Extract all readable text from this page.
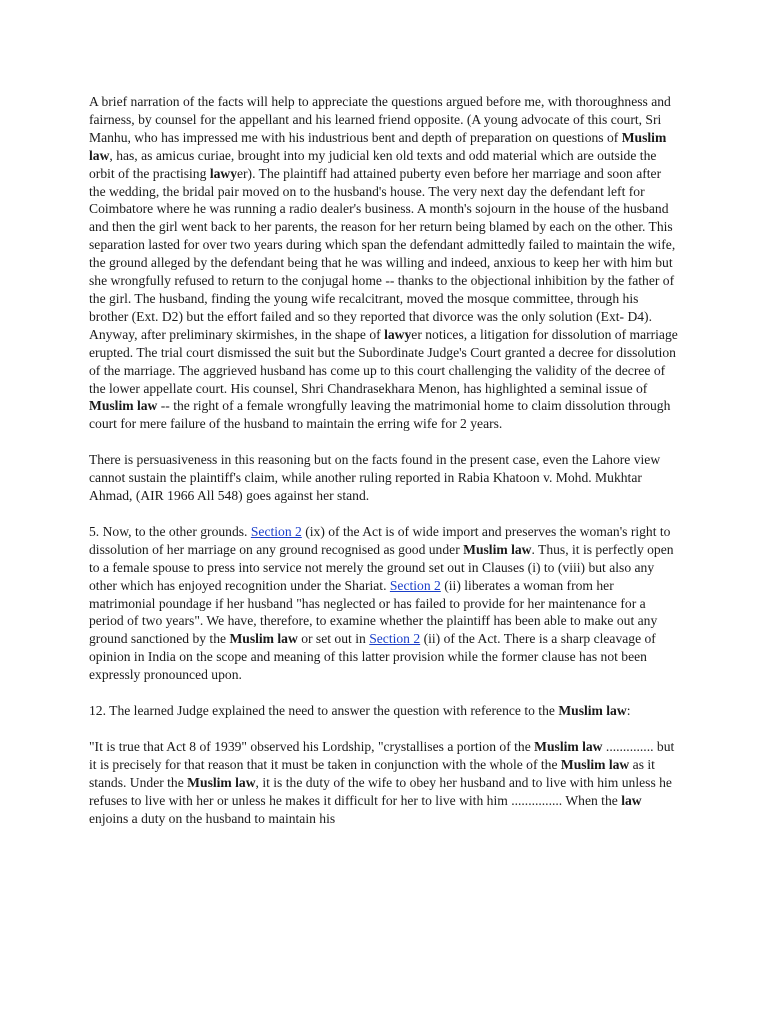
A brief narration of the facts will help to appreciate the questions argued before me, with thoroughness and fairness, by counsel for the appellant and his learned friend opposite. (A young advocate of this court, Sri Manhu, who has impressed me with his industrious bent and depth of preparation on questions of Muslim law, has, as amicus curiae, brought into my judicial ken old texts and odd material which are outside the orbit of the practising lawyer). The plaintiff had attained puberty even before her marriage and soon after the wedding, the bridal pair moved on to the husband's house. The very next day the defendant left for Coimbatore where he was running a radio dealer's business. A month's sojourn in the house of the husband and then the girl went back to her parents, the reason for her return being blamed by each on the other. This separation lasted for over two years during which span the defendant admittedly failed to maintain the wife, the ground alleged by the defendant being that he was willing and indeed, anxious to keep her with him but she wrongfully refused to return to the conjugal home -- thanks to the objectional inhibition by the father of the girl. The husband, finding the young wife recalcitrant, moved the mosque committee, through his brother (Ext. D2) but the effort failed and so they reported that divorce was the only solution (Ext- D4). Anyway, after preliminary skirmishes, in the shape of lawyer notices, a litigation for dissolution of marriage erupted. The trial court dismissed the suit but the Subordinate Judge's Court granted a decree for dissolution of the marriage. The aggrieved husband has come up to this court challenging the validity of the decree of the lower appellate court. His counsel, Shri Chandrasekhara Menon, has highlighted a seminal issue of Muslim law -- the right of a female wrongfully leaving the matrimonial home to claim dissolution through court for mere failure of the husband to maintain the erring wife for 2 years.

There is persuasiveness in this reasoning but on the facts found in the present case, even the Lahore view cannot sustain the plaintiff's claim, while another ruling reported in Rabia Khatoon v. Mohd. Mukhtar Ahmad, (AIR 1966 All 548) goes against her stand.

5. Now, to the other grounds. Section 2 (ix) of the Act is of wide import and preserves the woman's right to dissolution of her marriage on any ground recognised as good under Muslim law. Thus, it is perfectly open to a female spouse to press into service not merely the ground set out in Clauses (i) to (viii) but also any other which has enjoyed recognition under the Shariat. Section 2 (ii) liberates a woman from her matrimonial poundage if her husband "has neglected or has failed to provide for her maintenance for a period of two years". We have, therefore, to examine whether the plaintiff has been able to make out any ground sanctioned by the Muslim law or set out in Section 2 (ii) of the Act. There is a sharp cleavage of opinion in India on the scope and meaning of this latter provision while the former clause has not been expressly pronounced upon.

12. The learned Judge explained the need to answer the question with reference to the Muslim law:

"It is true that Act 8 of 1939" observed his Lordship, "crystallises a portion of the Muslim law .............. but it is precisely for that reason that it must be taken in conjunction with the whole of the Muslim law as it stands. Under the Muslim law, it is the duty of the wife to obey her husband and to live with him unless he refuses to live with her or unless he makes it difficult for her to live with him ............... When the law enjoins a duty on the husband to maintain his
